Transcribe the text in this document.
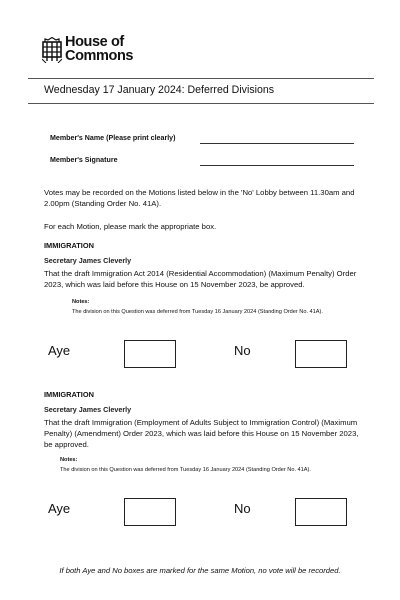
House of
Commons
Wednesday 17 January 2024: Deferred Divisions
Member's Name (Please print clearly)
Member's Signature
Votes may be recorded on the Motions listed below in the 'No' Lobby between 11.30am and 2.00pm (Standing Order No. 41A).
For each Motion, please mark the appropriate box.
IMMIGRATION
Secretary James Cleverly
That the draft Immigration Act 2014 (Residential Accommodation) (Maximum Penalty) Order 2023, which was laid before this House on 15 November 2023, be approved.
Notes:
The division on this Question was deferred from Tuesday 16 January 2024 (Standing Order No. 41A).
Aye	No
IMMIGRATION
Secretary James Cleverly
That the draft Immigration (Employment of Adults Subject to Immigration Control) (Maximum Penalty) (Amendment) Order 2023, which was laid before this House on 15 November 2023, be approved.
Notes:
The division on this Question was deferred from Tuesday 16 January 2024 (Standing Order No. 41A).
Aye	No
If both Aye and No boxes are marked for the same Motion, no vote will be recorded.
